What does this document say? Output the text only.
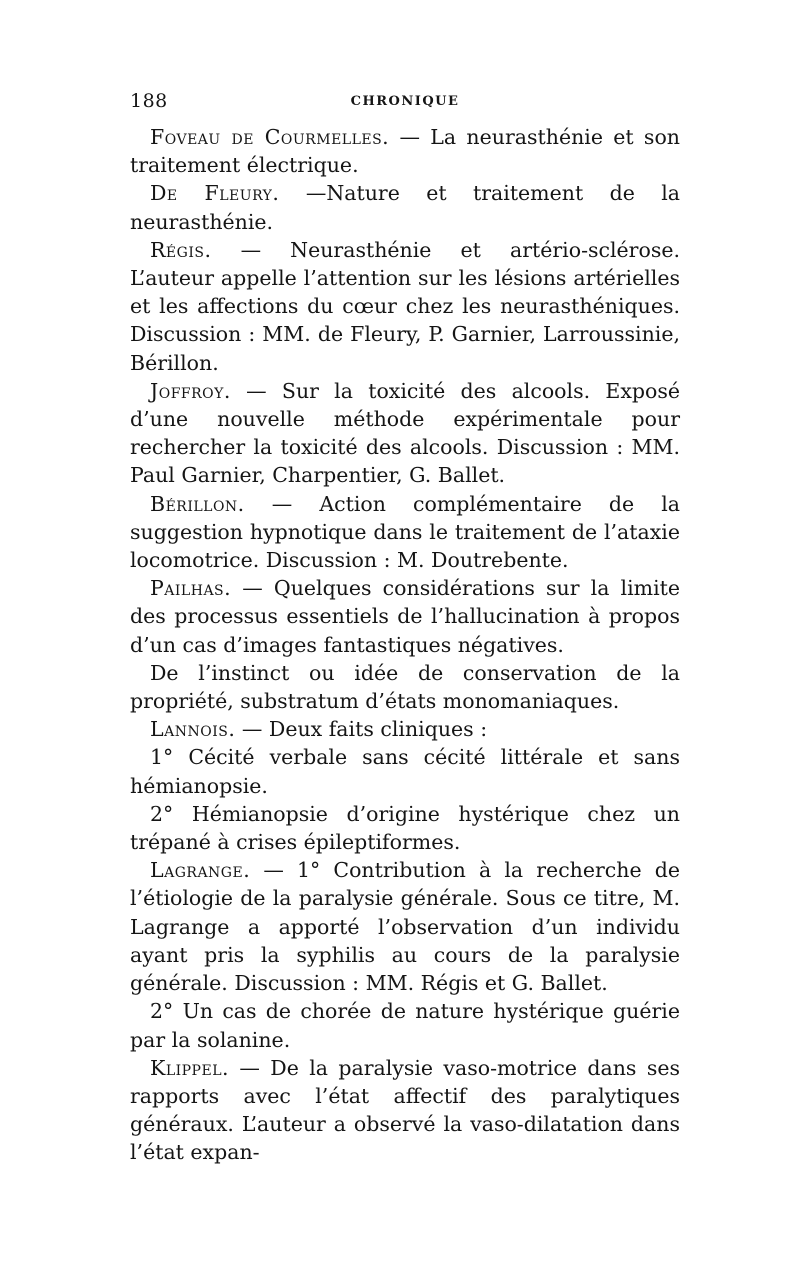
188	CHRONIQUE

Foveau de Courmelles. — La neurasthénie et son traitement électrique.

De Fleury. —Nature et traitement de la neurasthénie.

Régis. — Neurasthénie et artério-sclérose. L’auteur appelle l’attention sur les lésions artérielles et les affections du cœur chez les neurasthéniques. Discussion : MM. de Fleury, P. Garnier, Larroussinie, Bérillon.

Joffroy. — Sur la toxicité des alcools. Exposé d’une nouvelle méthode expérimentale pour rechercher la toxicité des alcools. Discussion : MM. Paul Garnier, Charpentier, G. Ballet.

Bérillon. — Action complémentaire de la suggestion hypnotique dans le traitement de l’ataxie locomotrice. Discussion : M. Doutrebente.

Pailhas. — Quelques considérations sur la limite des processus essentiels de l’hallucination à propos d’un cas d’images fantastiques négatives.

De l’instinct ou idée de conservation de la propriété, substratum d’états monomaniaques.

Lannois. — Deux faits cliniques :

1° Cécité verbale sans cécité littérale et sans hémianopsie.

2° Hémianopsie d’origine hystérique chez un trépané à crises épileptiformes.

Lagrange. — 1° Contribution à la recherche de l’étiologie de la paralysie générale. Sous ce titre, M. Lagrange a apporté l’observation d’un individu ayant pris la syphilis au cours de la paralysie générale. Discussion : MM. Régis et G. Ballet.

2° Un cas de chorée de nature hystérique guérie par la solanine.

Klippel. — De la paralysie vaso-motrice dans ses rapports avec l’état affectif des paralytiques généraux. L’auteur a observé la vaso-dilatation dans l’état expan-
